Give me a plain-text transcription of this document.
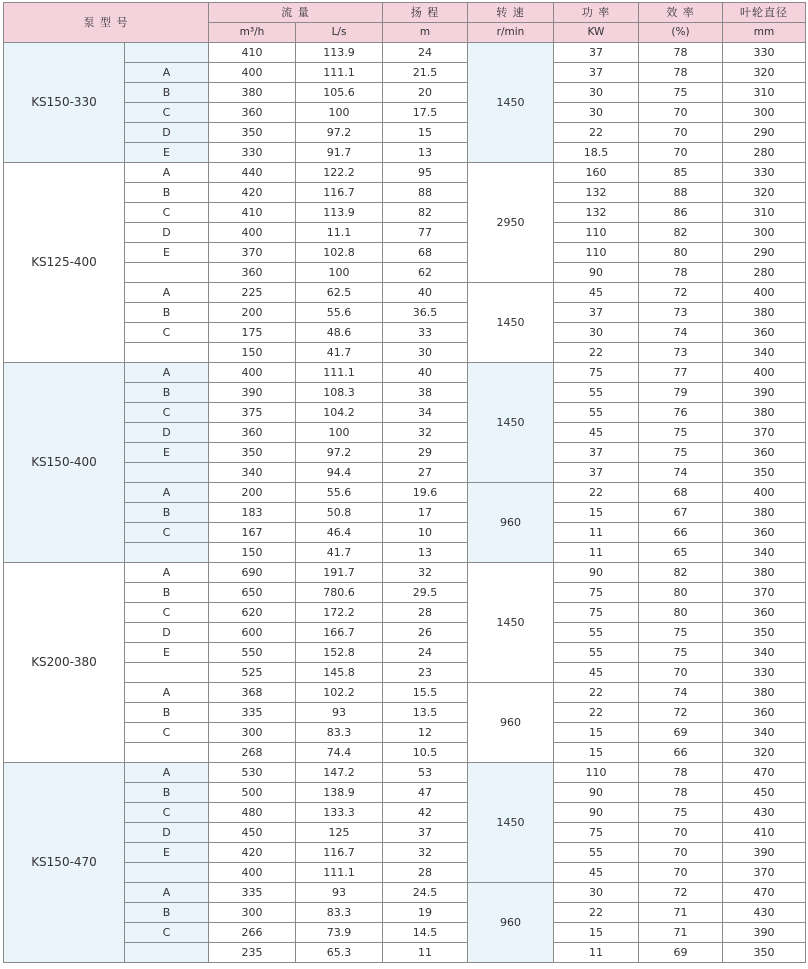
泵 型 号		流 量		扬 程	转 速	功 率	效 率	叶轮直径
		m³/h	L/s	m	r/min	KW	(%)	mm
KS150-330		410	113.9	24	1450	37	78	330
	A	400	111.1	21.5		37	78	320
	B	380	105.6	20		30	75	310
	C	360	100	17.5		30	70	300
	D	350	97.2	15		22	70	290
	E	330	91.7	13		18.5	70	280
KS125-400	A	440	122.2	95	2950	160	85	330
	B	420	116.7	88		132	88	320
	C	410	113.9	82		132	86	310
	D	400	11.1	77		110	82	300
	E	370	102.8	68		110	80	290
		360	100	62		90	78	280
	A	225	62.5	40	1450	45	72	400
	B	200	55.6	36.5		37	73	380
	C	175	48.6	33		30	74	360
		150	41.7	30		22	73	340
KS150-400	A	400	111.1	40	1450	75	77	400
	B	390	108.3	38		55	79	390
	C	375	104.2	34		55	76	380
	D	360	100	32		45	75	370
	E	350	97.2	29		37	75	360
		340	94.4	27		37	74	350
	A	200	55.6	19.6	960	22	68	400
	B	183	50.8	17		15	67	380
	C	167	46.4	10		11	66	360
		150	41.7	13		11	65	340
KS200-380	A	690	191.7	32	1450	90	82	380
	B	650	780.6	29.5		75	80	370
	C	620	172.2	28		75	80	360
	D	600	166.7	26		55	75	350
	E	550	152.8	24		55	75	340
		525	145.8	23		45	70	330
	A	368	102.2	15.5	960	22	74	380
	B	335	93	13.5		22	72	360
	C	300	83.3	12		15	69	340
		268	74.4	10.5		15	66	320
KS150-470	A	530	147.2	53	1450	110	78	470
	B	500	138.9	47		90	78	450
	C	480	133.3	42		90	75	430
	D	450	125	37		75	70	410
	E	420	116.7	32		55	70	390
		400	111.1	28		45	70	370
	A	335	93	24.5	960	30	72	470
	B	300	83.3	19		22	71	430
	C	266	73.9	14.5		15	71	390
		235	65.3	11		11	69	350
